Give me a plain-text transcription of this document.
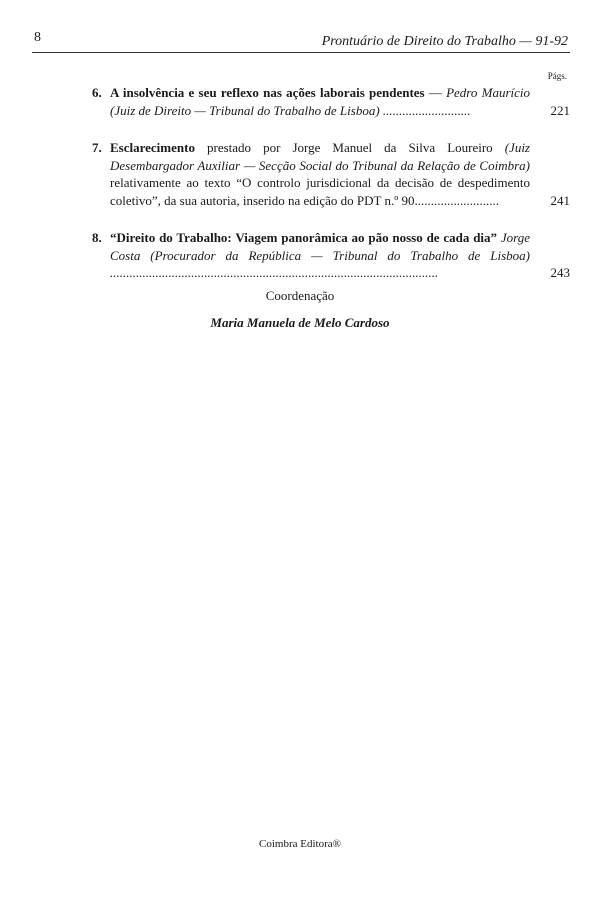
8	Prontuário de Direito do Trabalho — 91-92
Págs.
6. A insolvência e seu reflexo nas ações laborais pendentes — Pedro Maurício (Juiz de Direito — Tribunal do Trabalho de Lisboa) ...........................	221
7. Esclarecimento prestado por Jorge Manuel da Silva Loureiro (Juiz Desembargador Auxiliar — Secção Social do Tribunal da Relação de Coimbra) relativamente ao texto “O controlo jurisdicional da decisão de despedimento coletivo”, da sua autoria, inserido na edição do PDT n.º 90..........................	241
8. “Direito do Trabalho: Viagem panorâmica ao pão nosso de cada dia” Jorge Costa (Procurador da República — Tribunal do Trabalho de Lisboa) .....................................................................................................	243
Coordenação
Maria Manuela de Melo Cardoso
Coimbra Editora®
